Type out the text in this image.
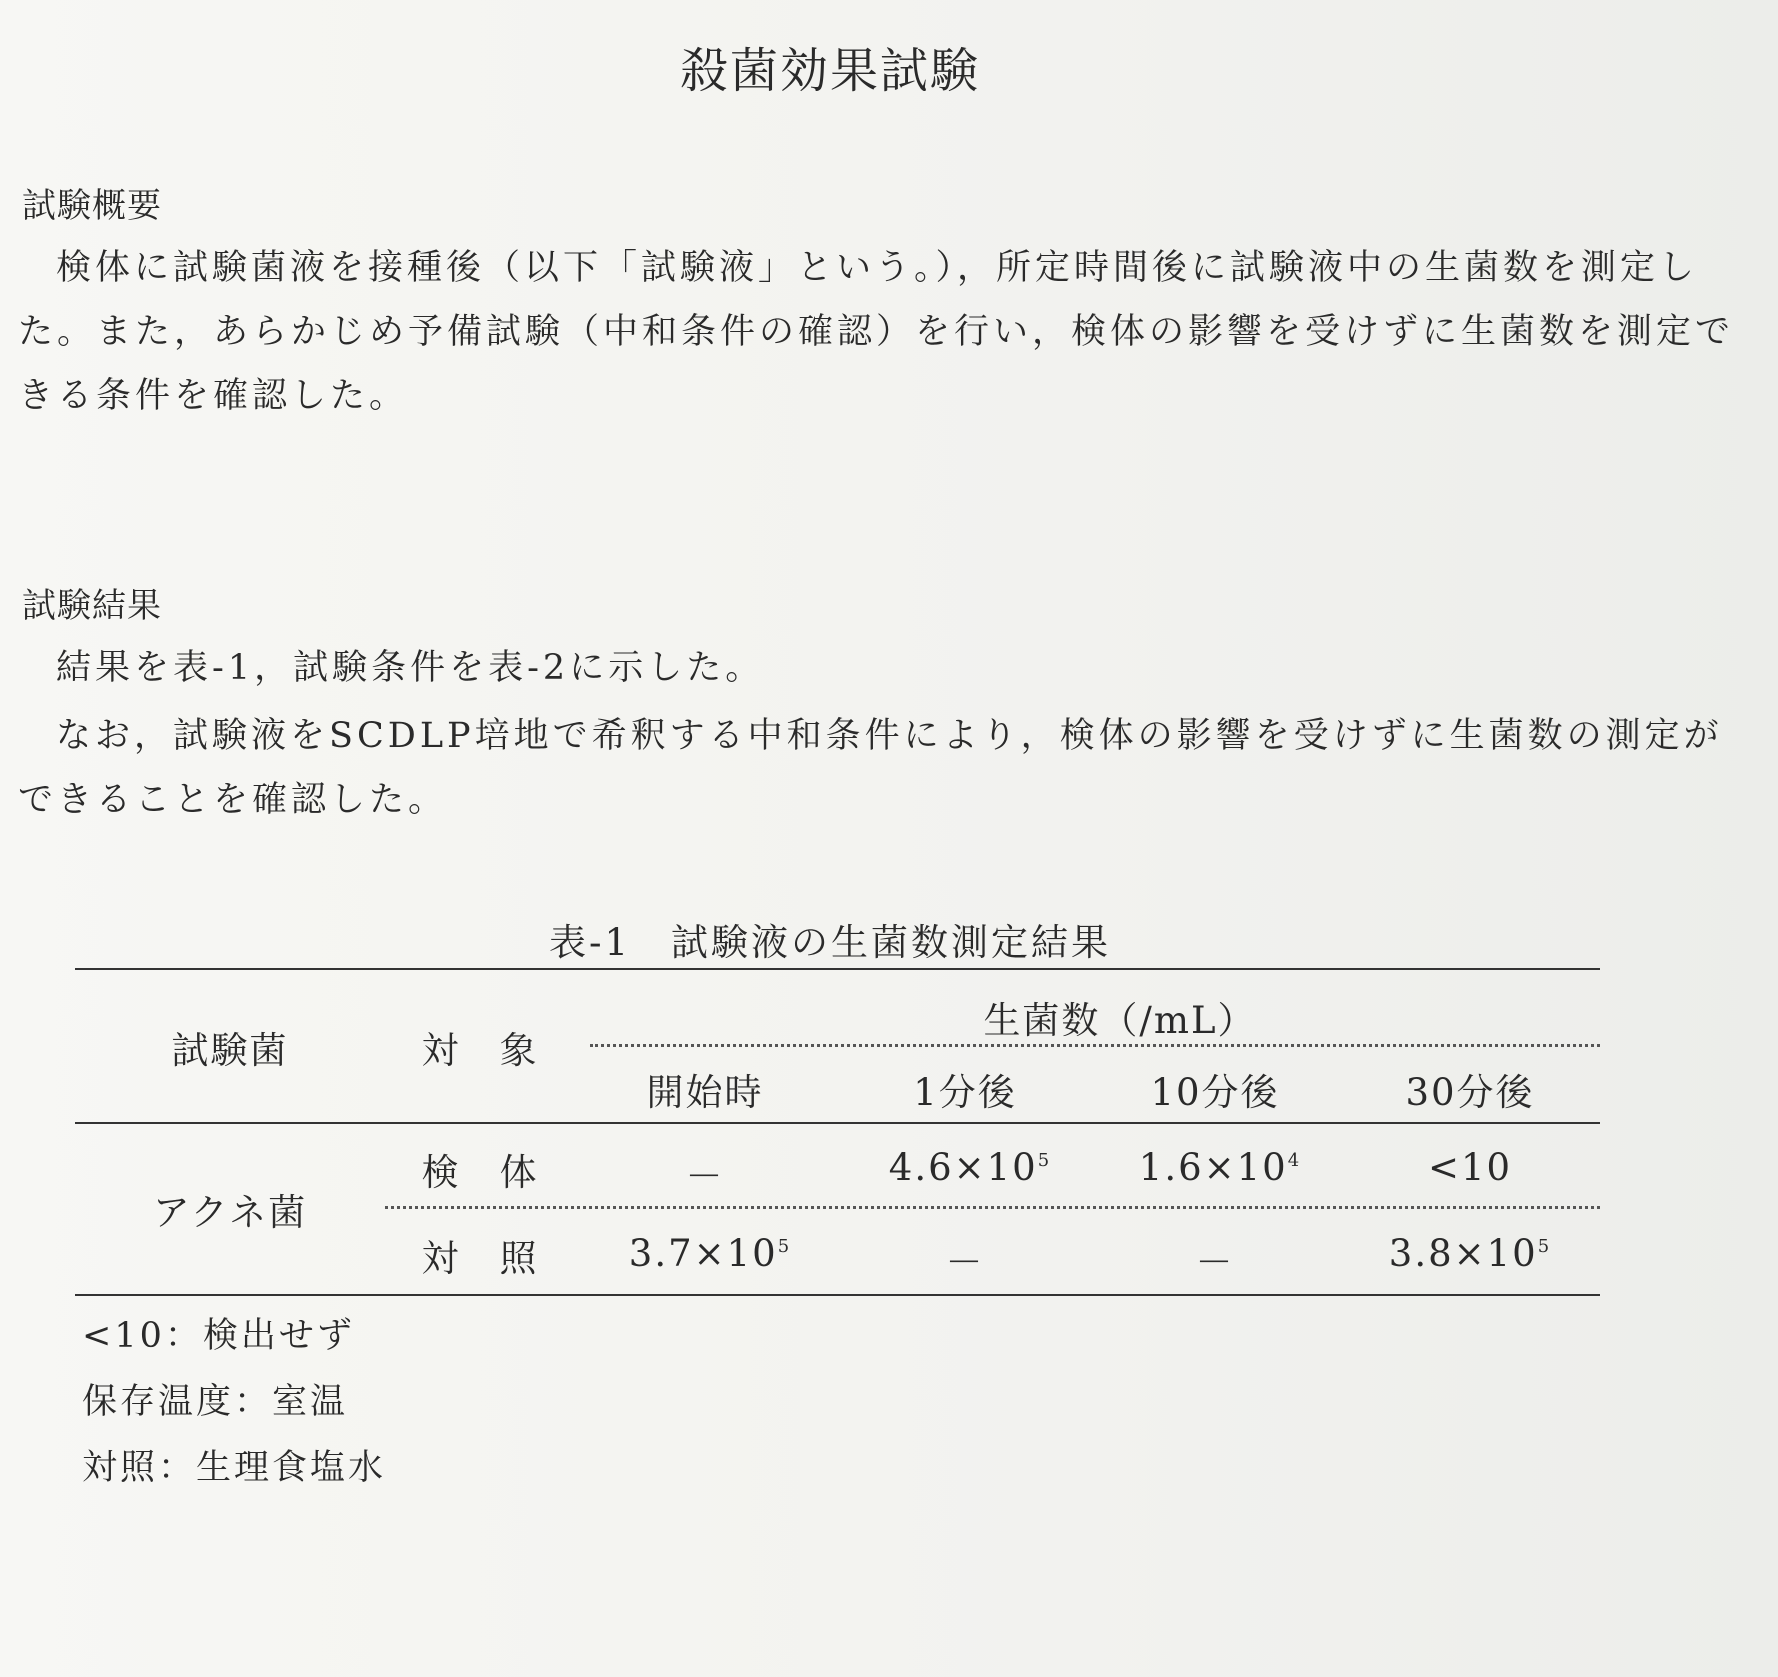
殺菌効果試験
試験概要
検体に試験菌液を接種後（以下「試験液」という。），所定時間後に試験液中の生菌数を測定した。また，あらかじめ予備試験（中和条件の確認）を行い，検体の影響を受けずに生菌数を測定できる条件を確認した。
試験結果
結果を表-1，試験条件を表-2に示した。
なお，試験液をSCDLP培地で希釈する中和条件により，検体の影響を受けずに生菌数の測定ができることを確認した。
表-1　試験液の生菌数測定結果
試験菌	対　象
生菌数（/mL）
開始時	1分後	10分後	30分後
アクネ菌
検　体	－	$4.6\times 10^5$	$1.6\times 10^4$	<10
対　照	$3.7\times 10^5$	－	－	$3.8\times 10^5$
<10：検出せず
保存温度：室温
対照：生理食塩水
